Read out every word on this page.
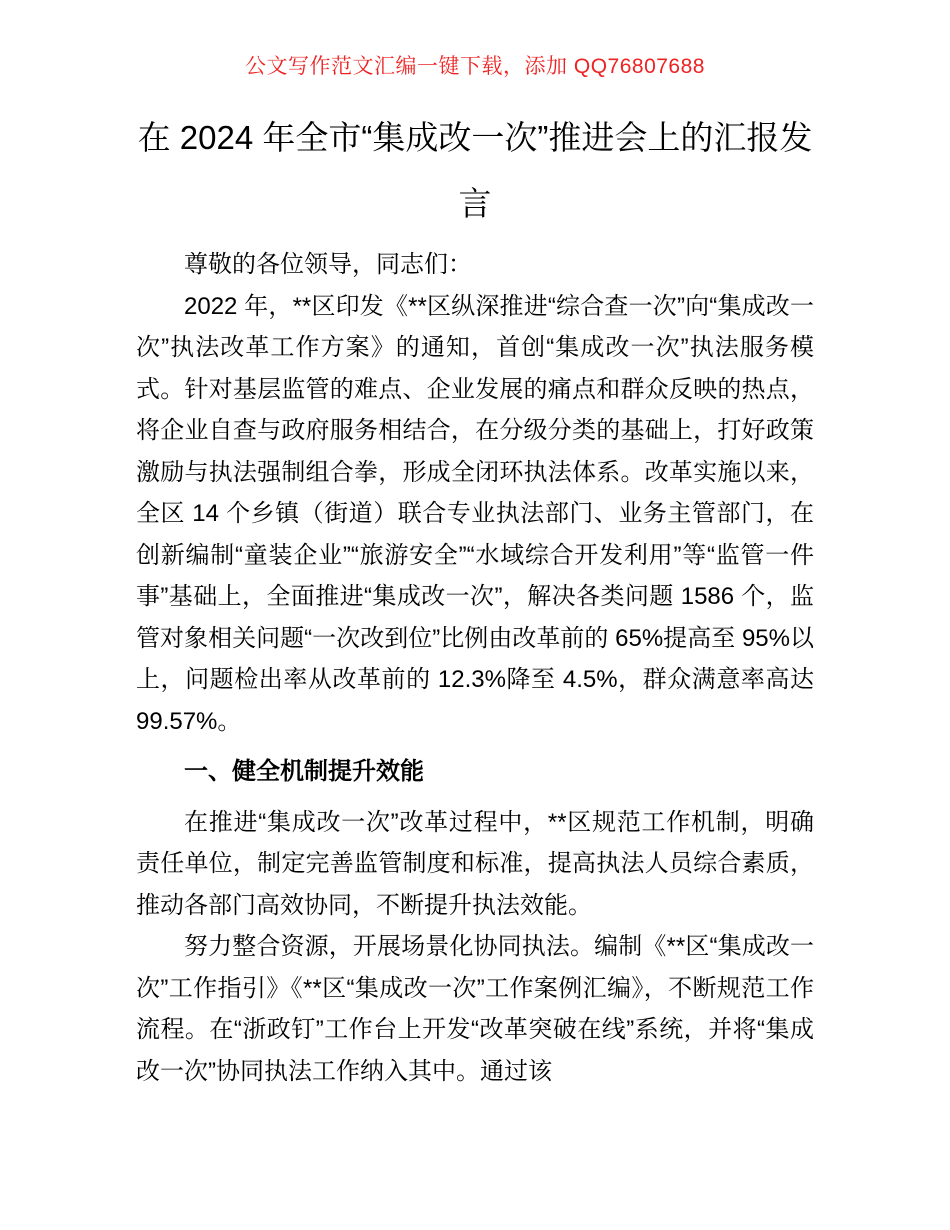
公文写作范文汇编一键下载，添加 QQ76807688
在 2024 年全市“集成改一次”推进会上的汇报发言

尊敬的各位领导，同志们：

2022 年，**区印发《**区纵深推进“综合查一次”向“集成改一次”执法改革工作方案》的通知，首创“集成改一次”执法服务模式。针对基层监管的难点、企业发展的痛点和群众反映的热点，将企业自查与政府服务相结合，在分级分类的基础上，打好政策激励与执法强制组合拳，形成全闭环执法体系。改革实施以来，全区 14 个乡镇（街道）联合专业执法部门、业务主管部门，在创新编制“童装企业”“旅游安全”“水域综合开发利用”等“监管一件事”基础上，全面推进“集成改一次”，解决各类问题 1586 个，监管对象相关问题“一次改到位”比例由改革前的 65%提高至 95%以上，问题检出率从改革前的 12.3%降至 4.5%，群众满意率高达 99.57%。

一、健全机制提升效能

在推进“集成改一次”改革过程中，**区规范工作机制，明确责任单位，制定完善监管制度和标准，提高执法人员综合素质，推动各部门高效协同，不断提升执法效能。

努力整合资源，开展场景化协同执法。编制《**区“集成改一次”工作指引》《**区“集成改一次”工作案例汇编》，不断规范工作流程。在“浙政钉”工作台上开发“改革突破在线”系统，并将“集成改一次”协同执法工作纳入其中。通过该
